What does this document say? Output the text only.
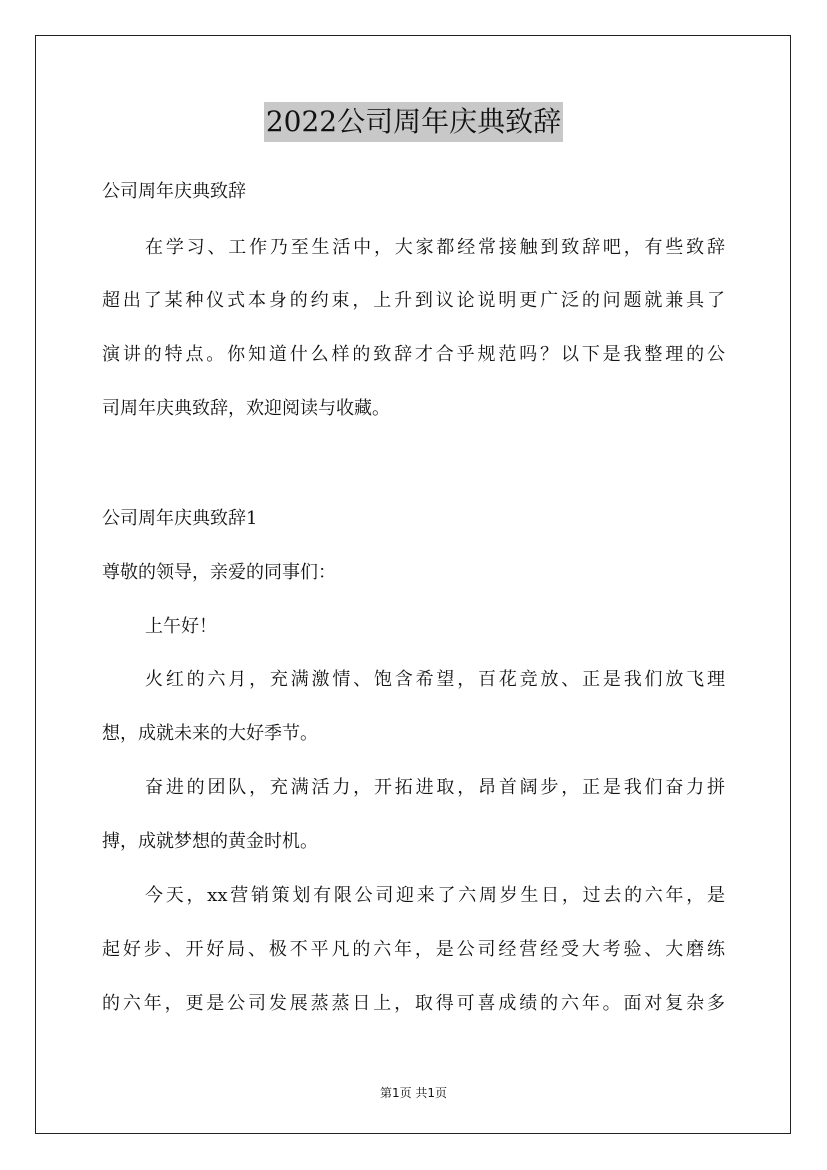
2022公司周年庆典致辞
公司周年庆典致辞
在学习、工作乃至生活中，大家都经常接触到致辞吧，有些致辞
超出了某种仪式本身的约束，上升到议论说明更广泛的问题就兼具了
演讲的特点。你知道什么样的致辞才合乎规范吗？以下是我整理的公
司周年庆典致辞，欢迎阅读与收藏。
公司周年庆典致辞1
尊敬的领导，亲爱的同事们：
上午好！
火红的六月，充满激情、饱含希望，百花竞放、正是我们放飞理
想，成就未来的大好季节。
奋进的团队，充满活力，开拓进取，昂首阔步，正是我们奋力拼
搏，成就梦想的黄金时机。
今天，xx营销策划有限公司迎来了六周岁生日，过去的六年，是
起好步、开好局、极不平凡的六年，是公司经营经受大考验、大磨练
的六年，更是公司发展蒸蒸日上，取得可喜成绩的六年。面对复杂多
第1页 共1页
